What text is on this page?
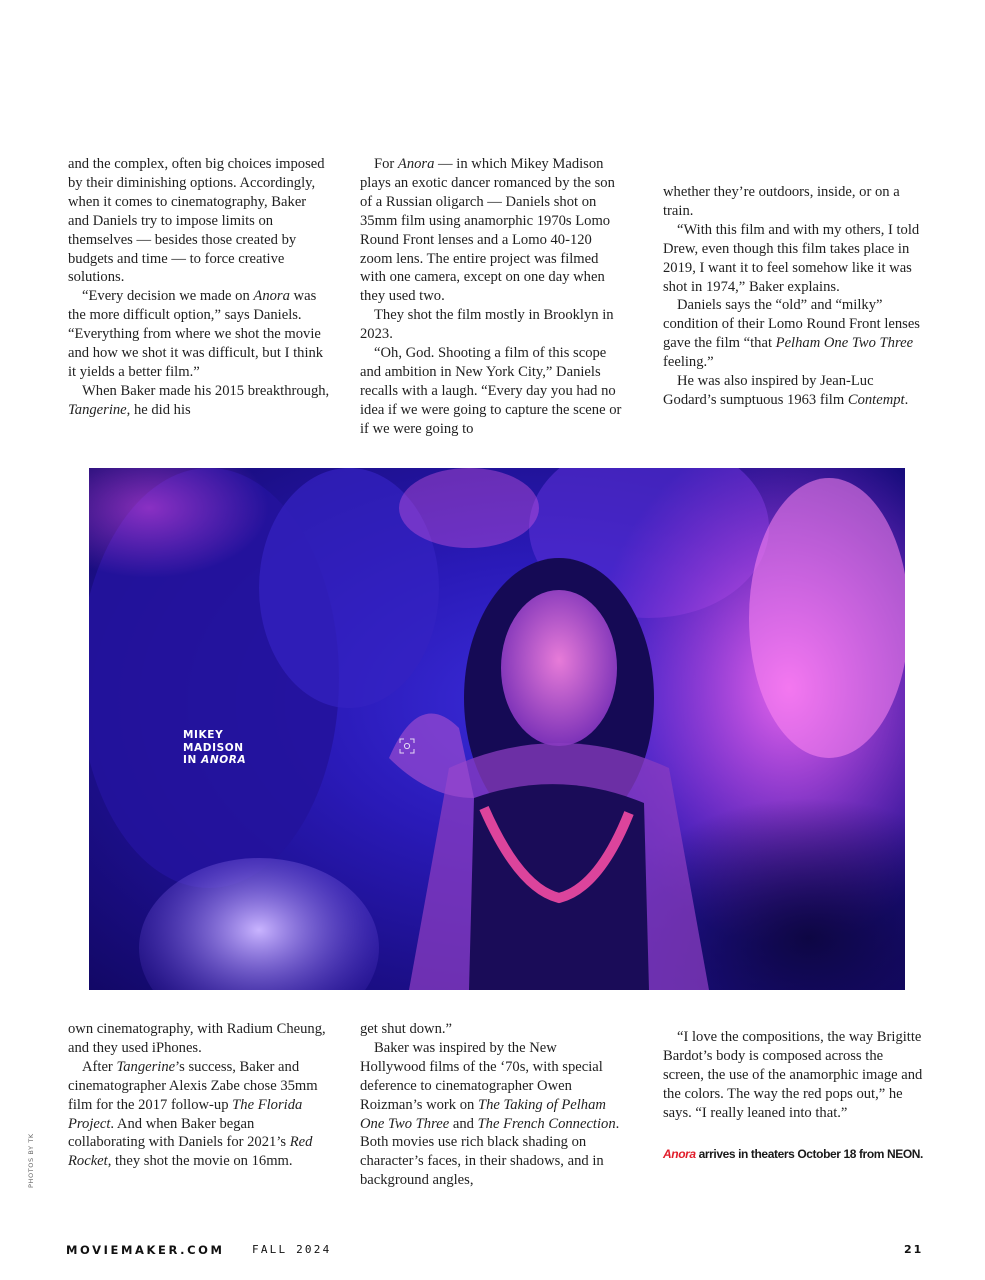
and the complex, often big choices imposed by their diminishing options. Accordingly, when it comes to cinematography, Baker and Daniels try to impose limits on themselves — besides those created by budgets and time — to force creative solutions.

“Every decision we made on Anora was the more difficult option,” says Daniels. “Everything from where we shot the movie and how we shot it was difficult, but I think it yields a better film.”

When Baker made his 2015 breakthrough, Tangerine, he did his

For Anora — in which Mikey Madison plays an exotic dancer romanced by the son of a Russian oligarch — Daniels shot on 35mm film using anamorphic 1970s Lomo Round Front lenses and a Lomo 40-120 zoom lens. The entire project was filmed with one camera, except on one day when they used two.

They shot the film mostly in Brooklyn in 2023.

“Oh, God. Shooting a film of this scope and ambition in New York City,” Daniels recalls with a laugh. “Every day you had no idea if we were going to capture the scene or if we were going to

whether they’re outdoors, inside, or on a train.

“With this film and with my others, I told Drew, even though this film takes place in 2019, I want it to feel somehow like it was shot in 1974,” Baker explains.

Daniels says the “old” and “milky” condition of their Lomo Round Front lenses gave the film “that Pelham One Two Three feeling.”

He was also inspired by Jean-Luc Godard’s sumptuous 1963 film Contempt.

MIKEY
MADISON
IN ANORA

own cinematography, with Radium Cheung, and they used iPhones.

After Tangerine’s success, Baker and cinematographer Alexis Zabe chose 35mm film for the 2017 follow-up The Florida Project. And when Baker began collaborating with Daniels for 2021’s Red Rocket, they shot the movie on 16mm.

get shut down.”

Baker was inspired by the New Hollywood films of the ‘70s, with special deference to cinematographer Owen Roizman’s work on The Taking of Pelham One Two Three and The French Connection. Both movies use rich black shading on character’s faces, in their shadows, and in background angles,

“I love the compositions, the way Brigitte Bardot’s body is composed across the screen, the use of the anamorphic image and the colors. The way the red pops out,” he says. “I really leaned into that.”

Anora arrives in theaters October 18 from NEON.
PHOTOS BY TK
MOVIEMAKER.COM FALL 2024	21
